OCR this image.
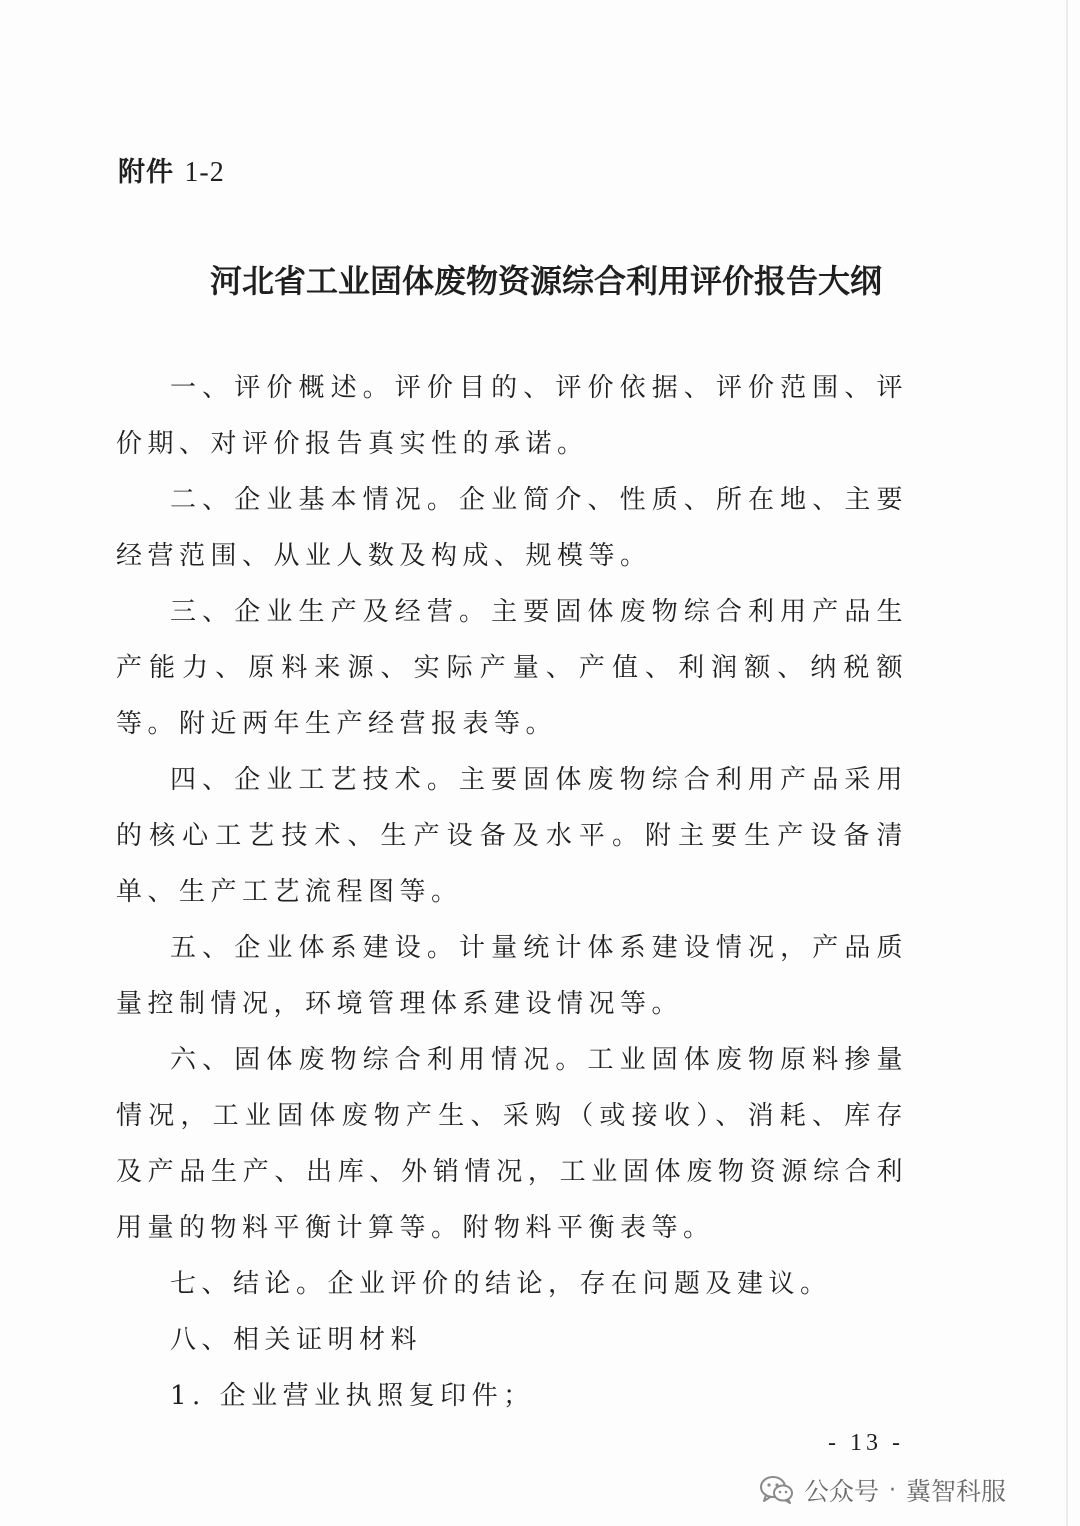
附件 1-2
河北省工业固体废物资源综合利用评价报告大纲

一、评价概述。评价目的、评价依据、评价范围、评价期、对评价报告真实性的承诺。

二、企业基本情况。企业简介、性质、所在地、主要经营范围、从业人数及构成、规模等。

三、企业生产及经营。主要固体废物综合利用产品生产能力、原料来源、实际产量、产值、利润额、纳税额等。附近两年生产经营报表等。

四、企业工艺技术。主要固体废物综合利用产品采用的核心工艺技术、生产设备及水平。附主要生产设备清单、生产工艺流程图等。

五、企业体系建设。计量统计体系建设情况，产品质量控制情况，环境管理体系建设情况等。

六、固体废物综合利用情况。工业固体废物原料掺量情况，工业固体废物产生、采购（或接收）、消耗、库存及产品生产、出库、外销情况，工业固体废物资源综合利用量的物料平衡计算等。附物料平衡表等。

七、结论。企业评价的结论，存在问题及建议。

八、相关证明材料

1. 企业营业执照复印件；

- 13 -
公众号 · 冀智科服
